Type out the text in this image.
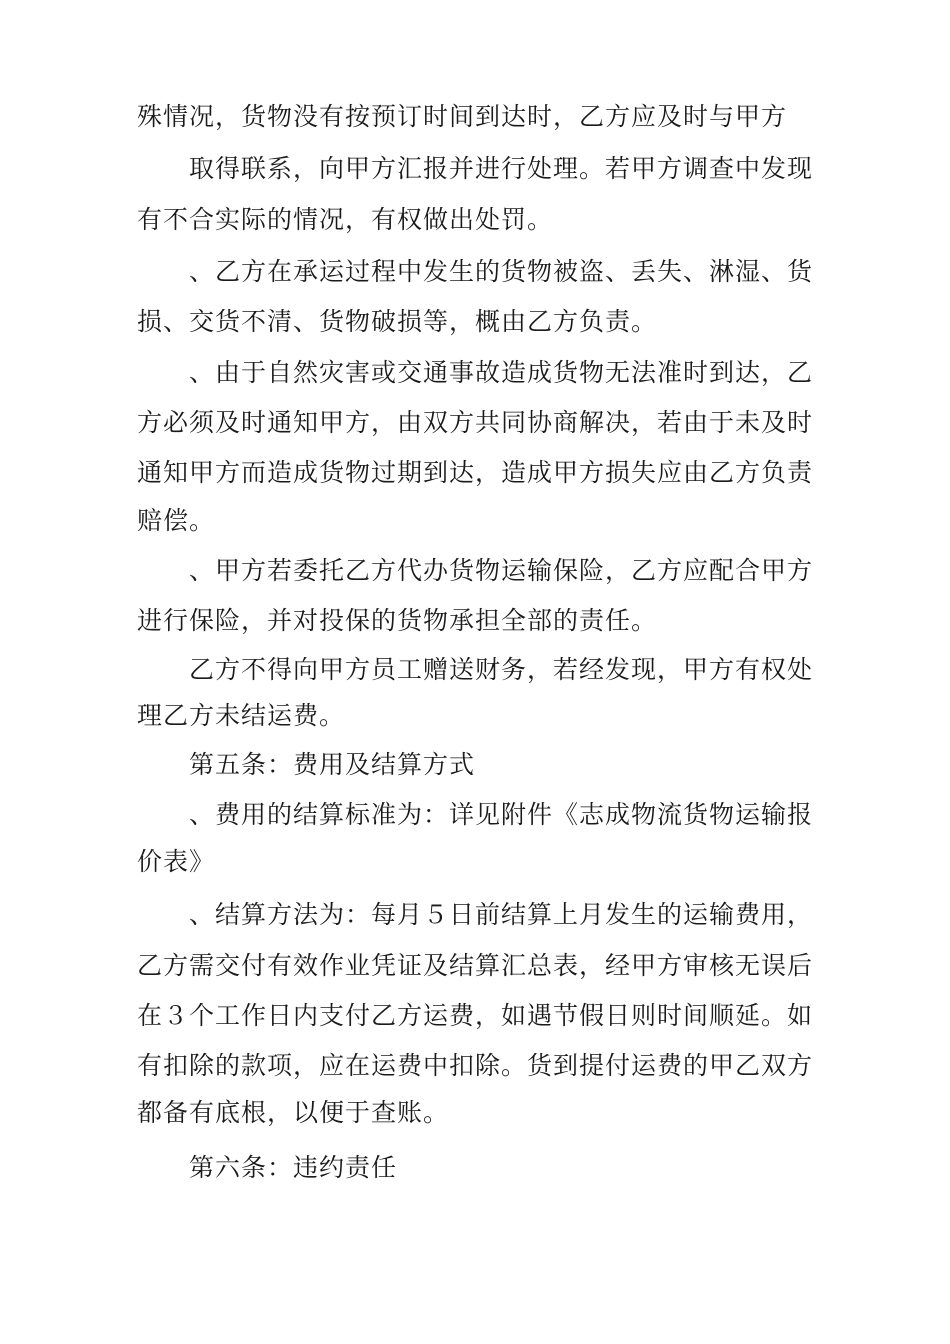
殊情况，货物没有按预订时间到达时，乙方应及时与甲方
取得联系，向甲方汇报并进行处理。若甲方调查中发现
有不合实际的情况，有权做出处罚。
、乙方在承运过程中发生的货物被盗、丢失、淋湿、货
损、交货不清、货物破损等，概由乙方负责。
、由于自然灾害或交通事故造成货物无法准时到达，乙
方必须及时通知甲方，由双方共同协商解决，若由于未及时
通知甲方而造成货物过期到达，造成甲方损失应由乙方负责
赔偿。
、甲方若委托乙方代办货物运输保险，乙方应配合甲方
进行保险，并对投保的货物承担全部的责任。
乙方不得向甲方员工赠送财务，若经发现，甲方有权处
理乙方未结运费。
第五条：费用及结算方式
、费用的结算标准为：详见附件《志成物流货物运输报
价表》
、结算方法为：每月５日前结算上月发生的运输费用，
乙方需交付有效作业凭证及结算汇总表，经甲方审核无误后
在３个工作日内支付乙方运费，如遇节假日则时间顺延。如
有扣除的款项，应在运费中扣除。货到提付运费的甲乙双方
都备有底根，以便于查账。
第六条：违约责任
